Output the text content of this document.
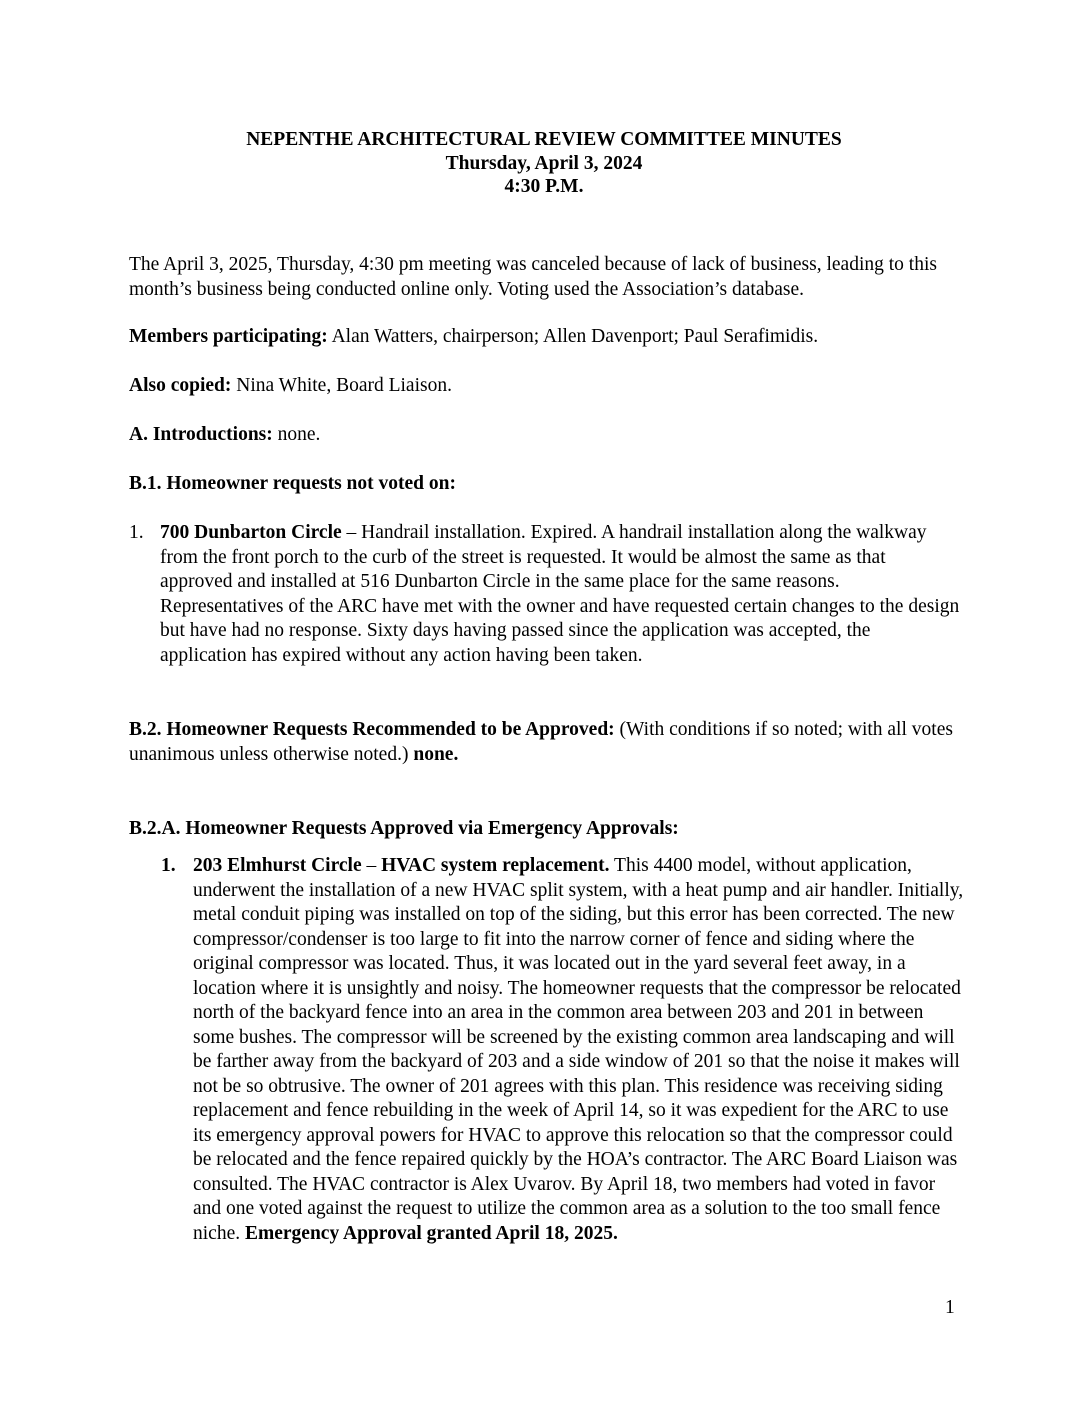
NEPENTHE ARCHITECTURAL REVIEW COMMITTEE MINUTES
Thursday, April 3, 2024
4:30 P.M.
The April 3, 2025, Thursday, 4:30 pm meeting was canceled because of lack of business, leading to this month’s business being conducted online only. Voting used the Association’s database.
Members participating: Alan Watters, chairperson; Allen Davenport; Paul Serafimidis.
Also copied: Nina White, Board Liaison.
A. Introductions: none.
B.1. Homeowner requests not voted on:
1. 700 Dunbarton Circle – Handrail installation. Expired. A handrail installation along the walkway from the front porch to the curb of the street is requested. It would be almost the same as that approved and installed at 516 Dunbarton Circle in the same place for the same reasons. Representatives of the ARC have met with the owner and have requested certain changes to the design but have had no response. Sixty days having passed since the application was accepted, the application has expired without any action having been taken.
B.2. Homeowner Requests Recommended to be Approved: (With conditions if so noted; with all votes unanimous unless otherwise noted.) none.
B.2.A. Homeowner Requests Approved via Emergency Approvals:
1. 203 Elmhurst Circle – HVAC system replacement. This 4400 model, without application, underwent the installation of a new HVAC split system, with a heat pump and air handler. Initially, metal conduit piping was installed on top of the siding, but this error has been corrected. The new compressor/condenser is too large to fit into the narrow corner of fence and siding where the original compressor was located. Thus, it was located out in the yard several feet away, in a location where it is unsightly and noisy. The homeowner requests that the compressor be relocated north of the backyard fence into an area in the common area between 203 and 201 in between some bushes. The compressor will be screened by the existing common area landscaping and will be farther away from the backyard of 203 and a side window of 201 so that the noise it makes will not be so obtrusive. The owner of 201 agrees with this plan. This residence was receiving siding replacement and fence rebuilding in the week of April 14, so it was expedient for the ARC to use its emergency approval powers for HVAC to approve this relocation so that the compressor could be relocated and the fence repaired quickly by the HOA’s contractor. The ARC Board Liaison was consulted. The HVAC contractor is Alex Uvarov. By April 18, two members had voted in favor and one voted against the request to utilize the common area as a solution to the too small fence niche. Emergency Approval granted April 18, 2025.
1
